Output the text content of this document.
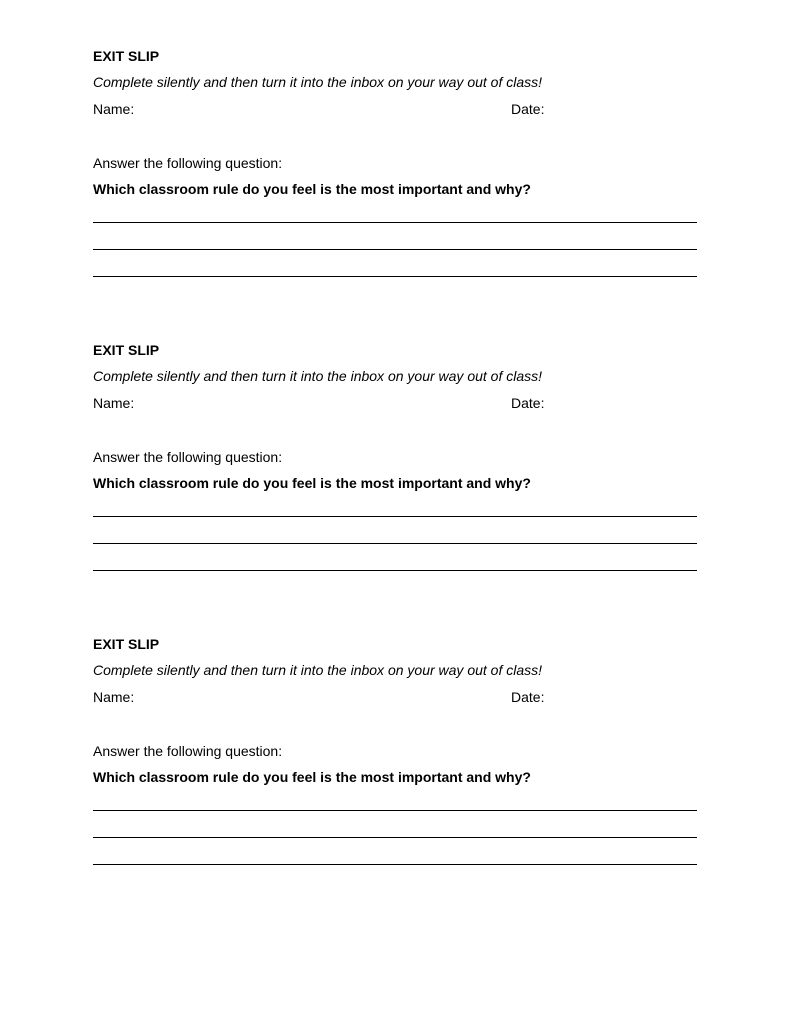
EXIT SLIP
Complete silently and then turn it into the inbox on your way out of class!
Name:	Date:
Answer the following question:
Which classroom rule do you feel is the most important and why?
EXIT SLIP
Complete silently and then turn it into the inbox on your way out of class!
Name:	Date:
Answer the following question:
Which classroom rule do you feel is the most important and why?
EXIT SLIP
Complete silently and then turn it into the inbox on your way out of class!
Name:	Date:
Answer the following question:
Which classroom rule do you feel is the most important and why?
